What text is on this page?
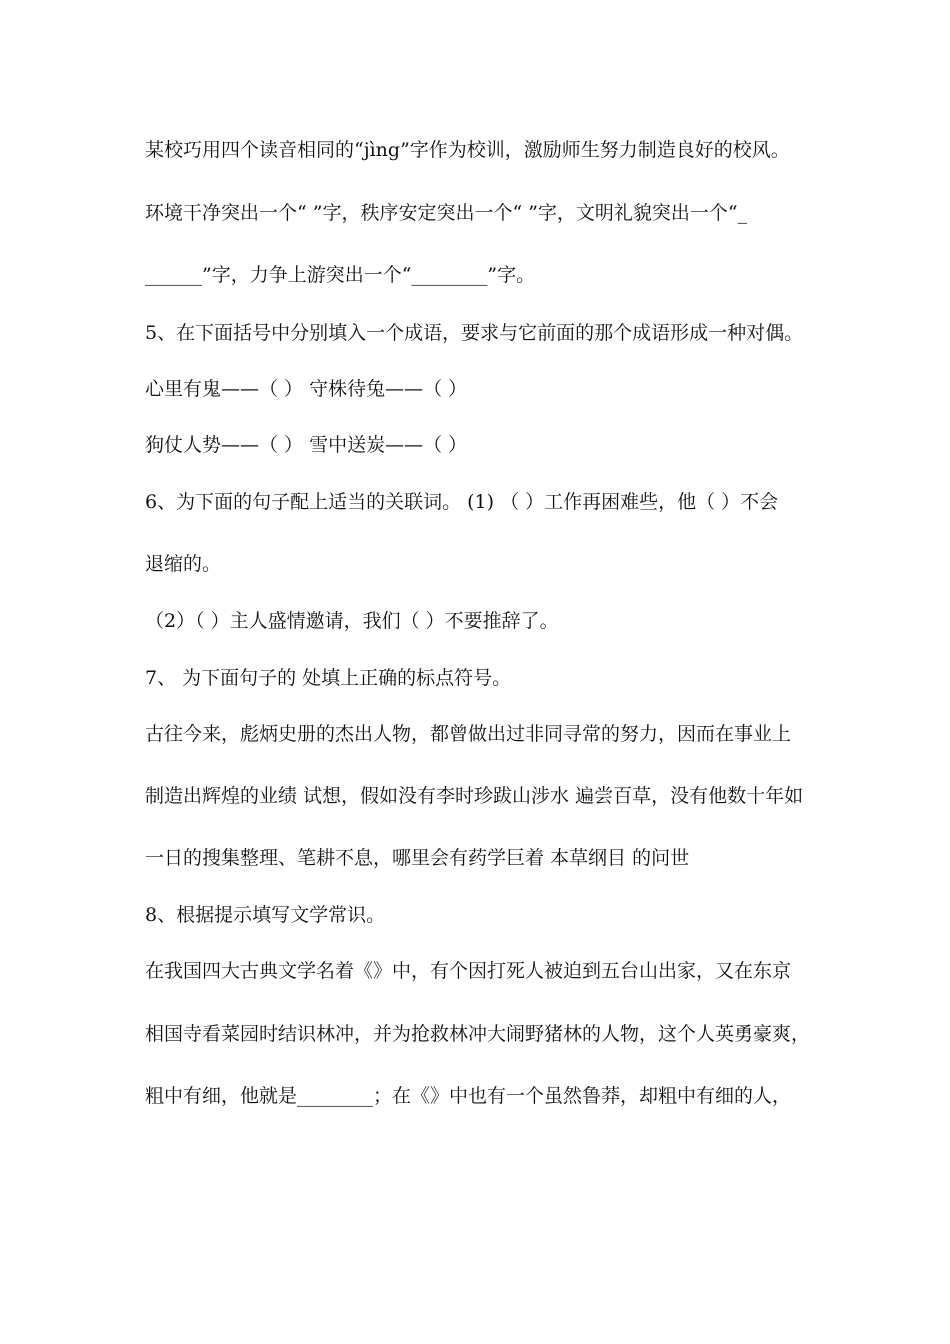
某校巧用四个读音相同的“jìng”字作为校训，激励师生努力制造良好的校风。
环境干净突出一个“ ”字，秩序安定突出一个“ ”字，文明礼貌突出一个“_
______”字，力争上游突出一个“________”字。
5、在下面括号中分别填入一个成语，要求与它前面的那个成语形成一种对偶。
心里有鬼——（ ） 守株待兔——（ ）
狗仗人势——（ ） 雪中送炭——（ ）
6、为下面的句子配上适当的关联词。 (1) （ ）工作再困难些，他（ ）不会
退缩的。
（2）（ ）主人盛情邀请，我们（ ）不要推辞了。
7、 为下面句子的 处填上正确的标点符号。
古往今来，彪炳史册的杰出人物，都曾做出过非同寻常的努力，因而在事业上
制造出辉煌的业绩 试想，假如没有李时珍跋山涉水 遍尝百草，没有他数十年如
一日的搜集整理、笔耕不息，哪里会有药学巨着 本草纲目 的问世
8、根据提示填写文学常识。
在我国四大古典文学名着《》中，有个因打死人被迫到五台山出家，又在东京
相国寺看菜园时结识林冲，并为抢救林冲大闹野猪林的人物，这个人英勇豪爽，
粗中有细，他就是________；在《》中也有一个虽然鲁莽，却粗中有细的人，
